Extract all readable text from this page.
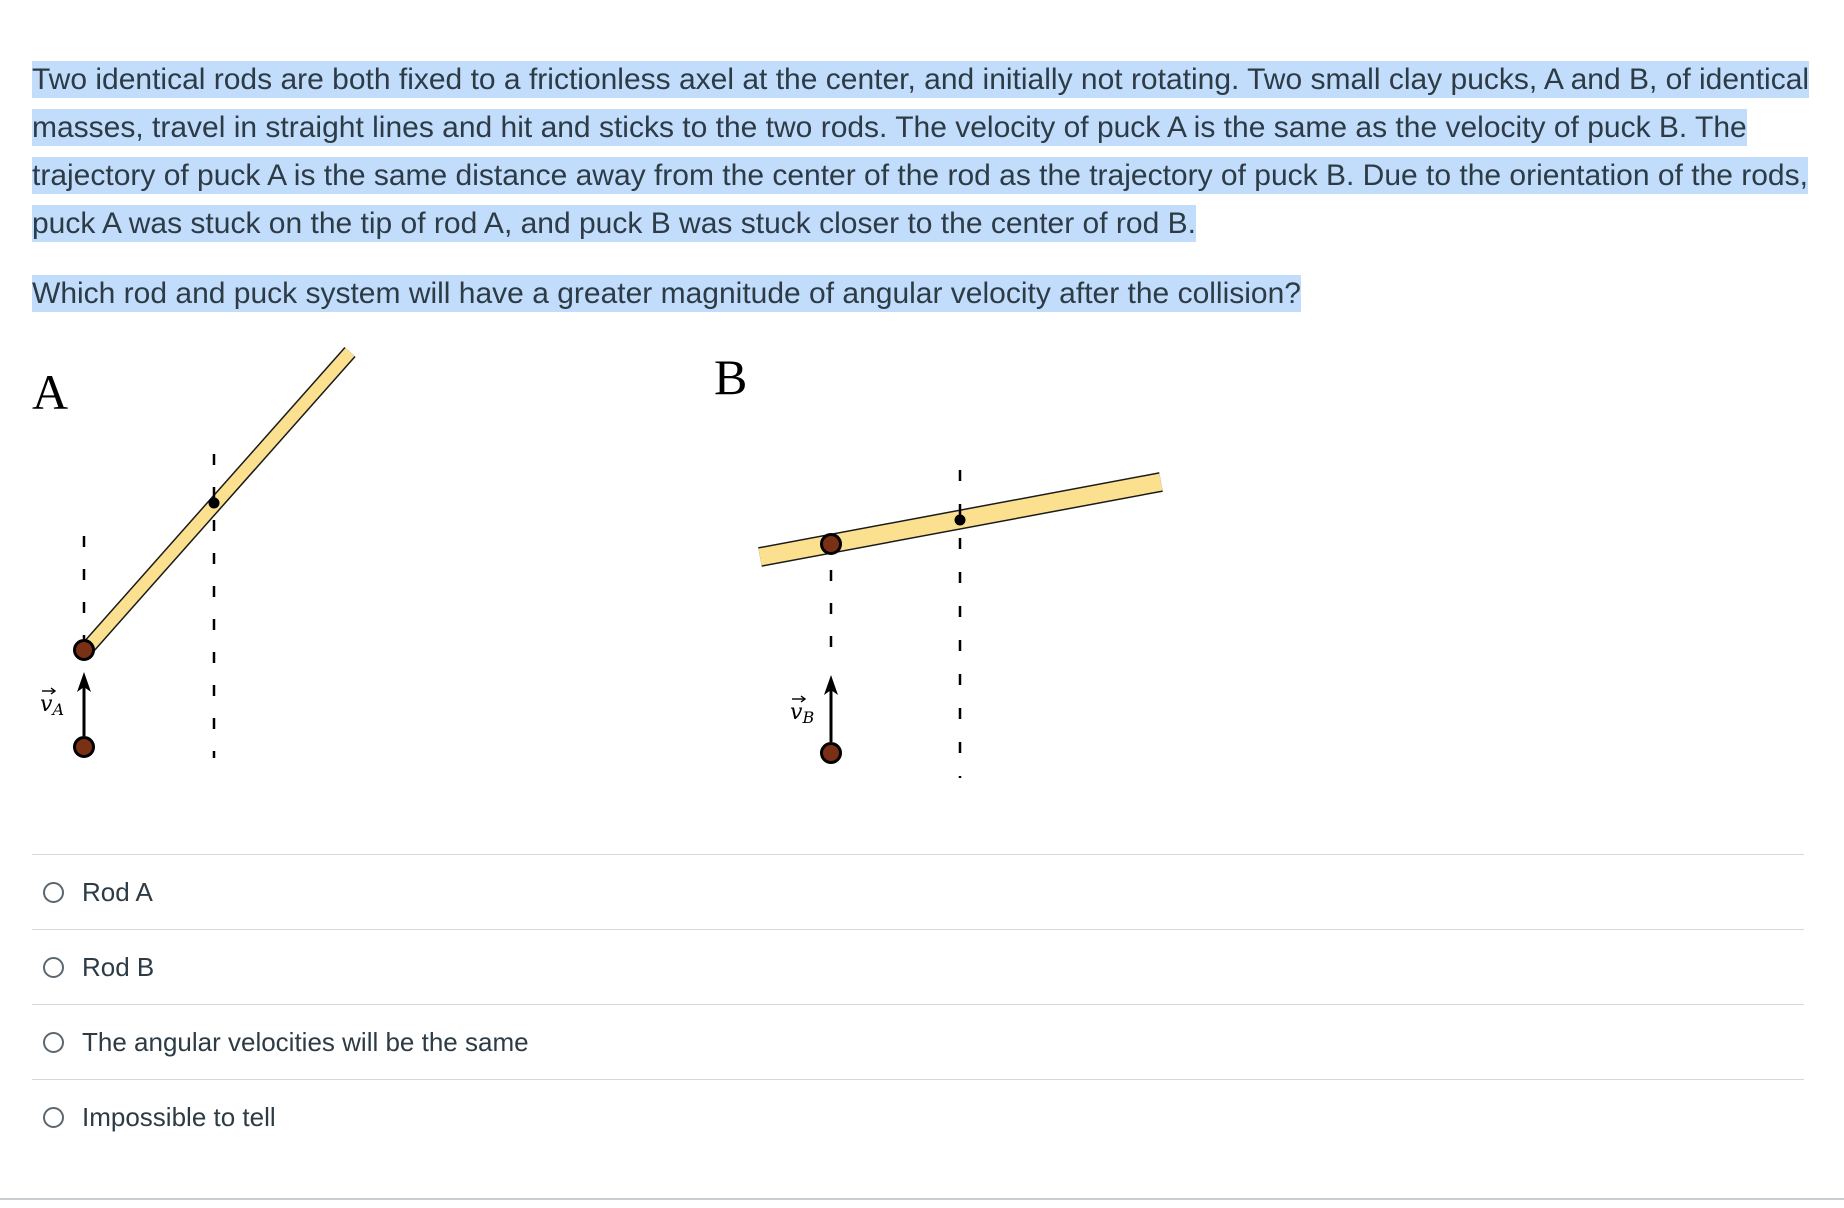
Two identical rods are both fixed to a frictionless axel at the center, and initially not rotating. Two small clay pucks, A and B, of identical masses, travel in straight lines and hit and sticks to the two rods. The velocity of puck A is the same as the velocity of puck B. The trajectory of puck A is the same distance away from the center of the rod as the trajectory of puck B. Due to the orientation of the rods, puck A was stuck on the tip of rod A, and puck B was stuck closer to the center of rod B.

Which rod and puck system will have a greater magnitude of angular velocity after the collision?

A	B
vA	vB
Rod A
Rod B
The angular velocities will be the same
Impossible to tell
